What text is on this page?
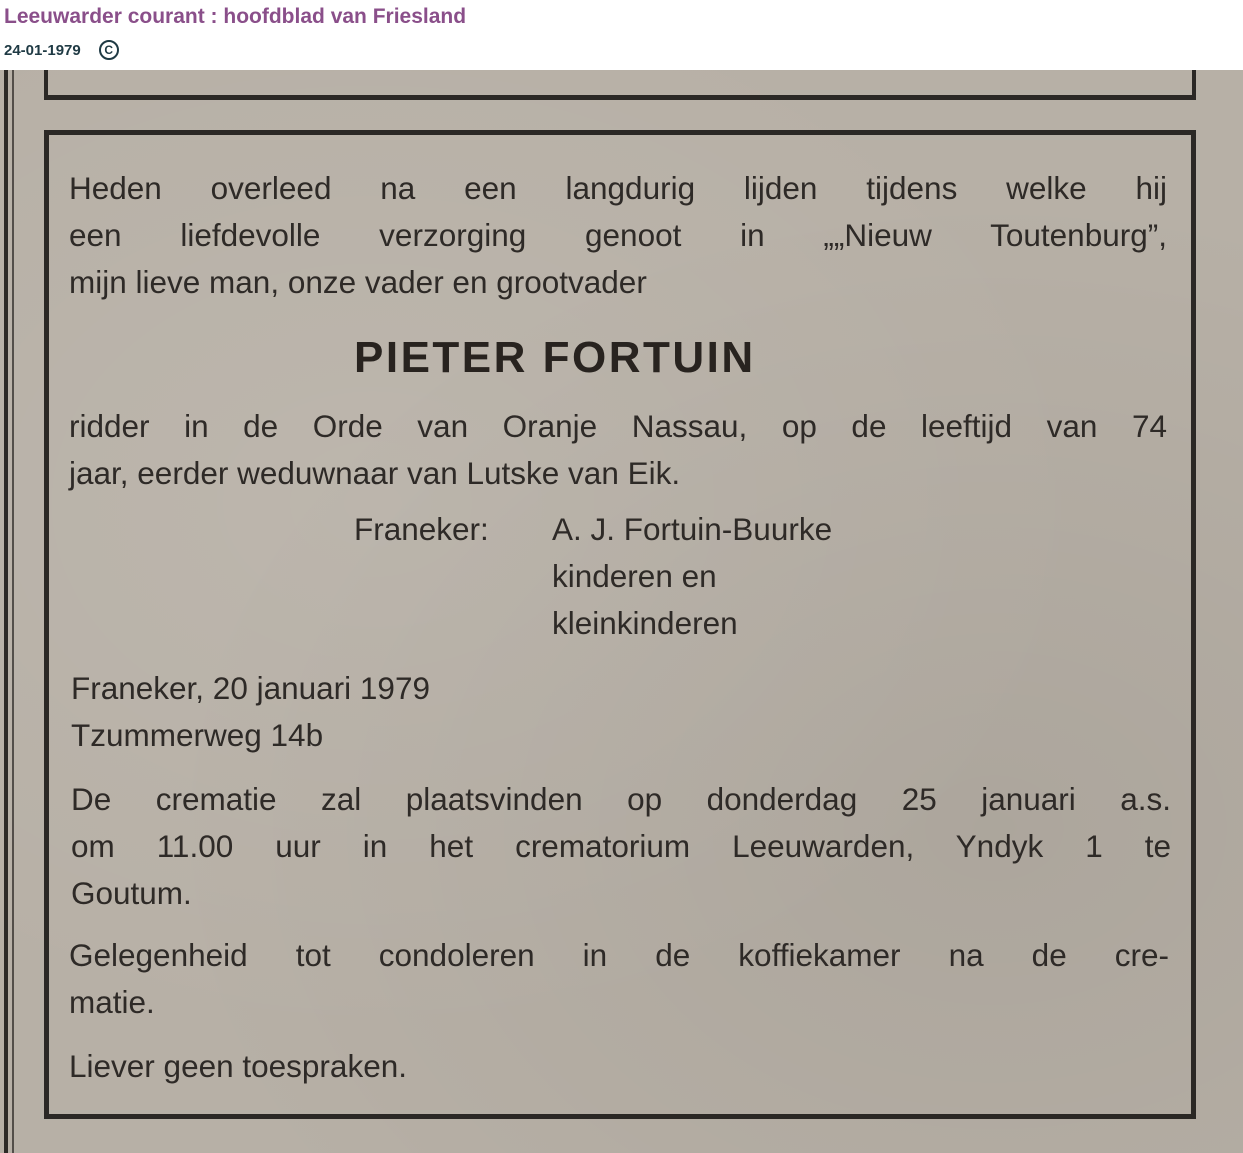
Leeuwarder courant : hoofdblad van Friesland
24-01-1979	C
Heden overleed na een langdurig lijden tijdens welke hij
een liefdevolle verzorging genoot in „„Nieuw Toutenburg”,
mijn lieve man, onze vader en grootvader
PIETER FORTUIN
ridder in de Orde van Oranje Nassau, op de leeftijd van 74
jaar, eerder weduwnaar van Lutske van Eik.
Franeker: A. J. Fortuin-Buurke
kinderen en
kleinkinderen
Franeker, 20 januari 1979
Tzummerweg 14b
De crematie zal plaatsvinden op donderdag 25 januari a.s.
om 11.00 uur in het crematorium Leeuwarden, Yndyk 1 te
Goutum.
Gelegenheid tot condoleren in de koffiekamer na de cre-
matie.
Liever geen toespraken.
